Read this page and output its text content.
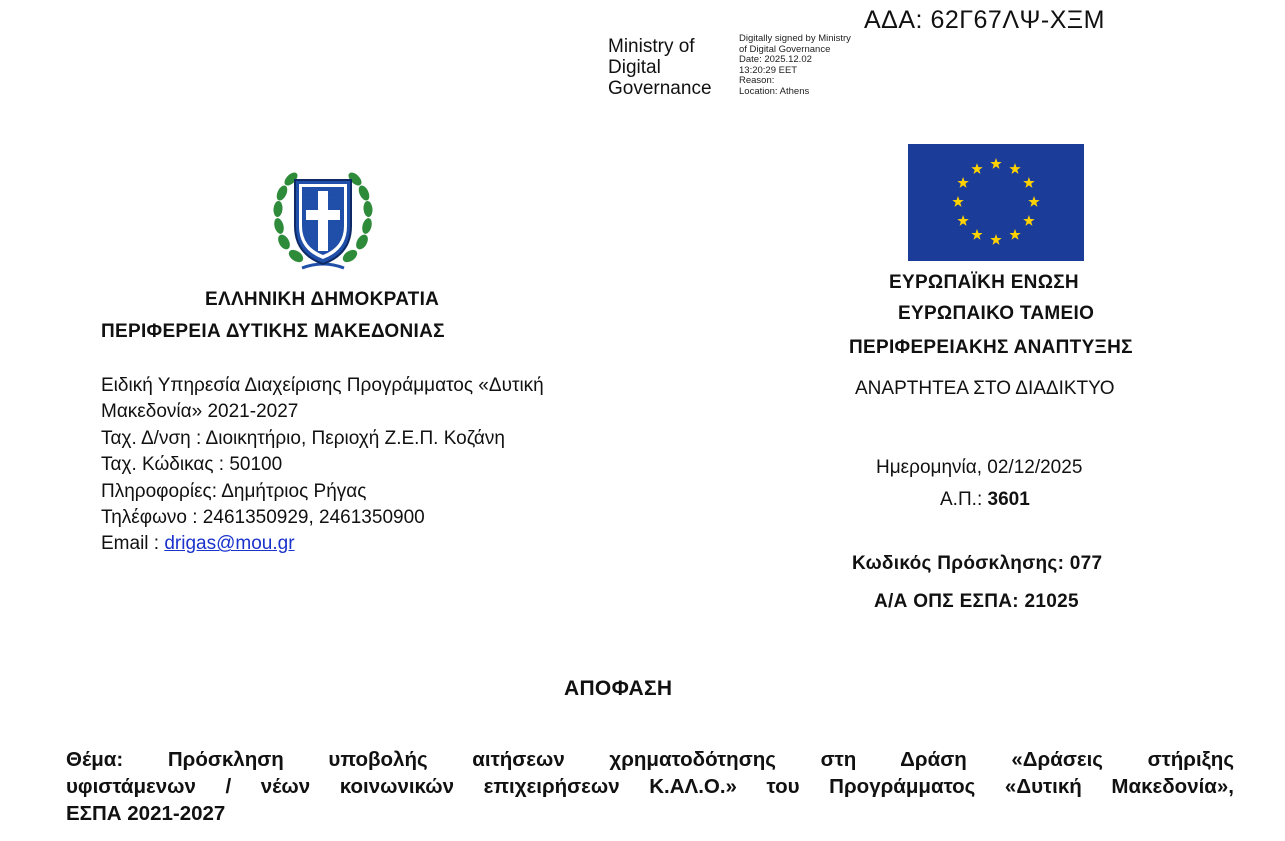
ΑΔΑ: 62Γ67ΛΨ-ΧΞΜ
Ministry of
Digital
Governance
Digitally signed by Ministry
of Digital Governance
Date: 2025.12.02
13:20:29 EET
Reason:
Location: Athens
ΕΛΛΗΝΙΚΗ ΔΗΜΟΚΡΑΤΙΑ
ΠΕΡΙΦΕΡΕΙΑ ΔΥΤΙΚΗΣ ΜΑΚΕΔΟΝΙΑΣ
Ειδική Υπηρεσία Διαχείρισης Προγράμματος «Δυτική
Μακεδονία» 2021-2027
Ταχ. Δ/νση : Διοικητήριο, Περιοχή Ζ.Ε.Π. Κοζάνη
Ταχ. Κώδικας : 50100
Πληροφορίες: Δημήτριος Ρήγας
Τηλέφωνο : 2461350929, 2461350900
Email : drigas@mou.gr
ΕΥΡΩΠΑΪΚΗ ΕΝΩΣΗ
ΕΥΡΩΠΑΙΚΟ ΤΑΜΕΙΟ
ΠΕΡΙΦΕΡΕΙΑΚΗΣ ΑΝΑΠΤΥΞΗΣ
ΑΝΑΡΤΗΤΕΑ ΣΤΟ ΔΙΑΔΙΚΤΥΟ
Ημερομηνία, 02/12/2025
Α.Π.: 3601
Κωδικός Πρόσκλησης: 077
Α/Α ΟΠΣ ΕΣΠΑ: 21025
ΑΠΟΦΑΣΗ
Θέμα: Πρόσκληση υποβολής αιτήσεων χρηματοδότησης στη Δράση «Δράσεις στήριξης
υφιστάμενων / νέων κοινωνικών επιχειρήσεων Κ.ΑΛ.Ο.» του Προγράμματος «Δυτική Μακεδονία»,
ΕΣΠΑ 2021-2027
